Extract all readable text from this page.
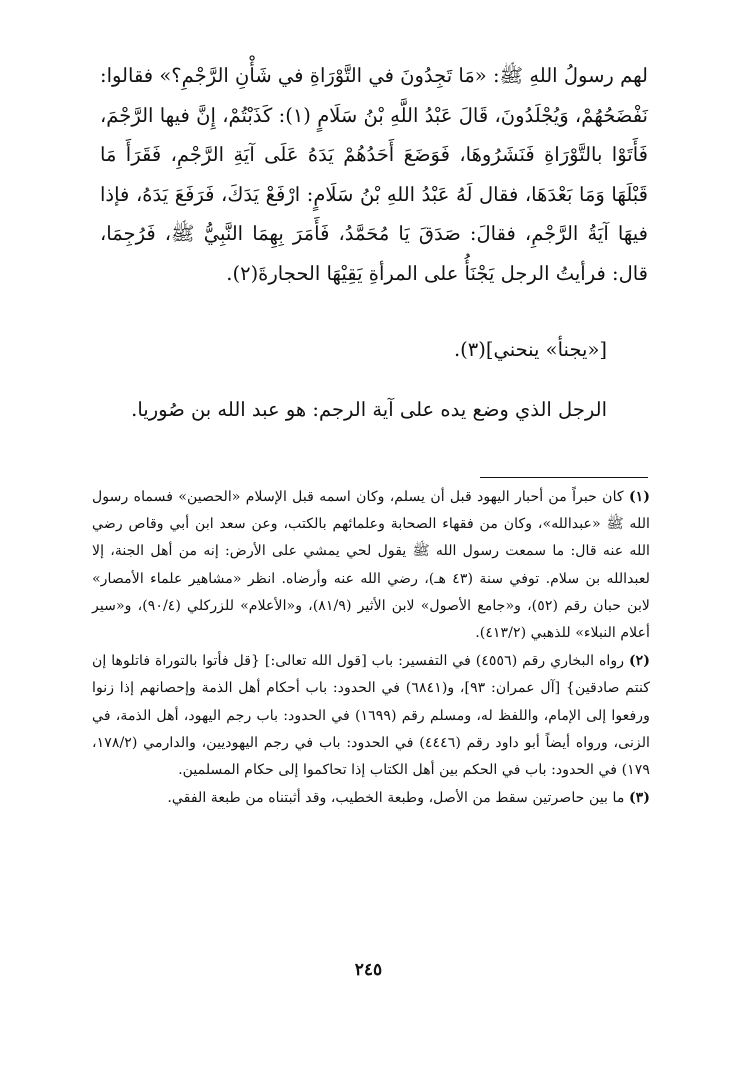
لهم رسولُ اللهِ ﷺ: «مَا تَجِدُونَ في التَّوْرَاةِ في شَأْنِ الرَّجْمِ؟» فقالوا: نَفْضَحُهُمْ، وَيُجْلَدُونَ، قَالَ عَبْدُ اللَّهِ بْنُ سَلَامٍ (١): كَذَبْتُمْ، إِنَّ فيها الرَّجْمَ، فَأَتَوْا بالتَّوْرَاةِ فَنَشَرُوهَا، فَوَضَعَ أَحَدُهُمْ يَدَهُ عَلَى آيَةِ الرَّجْمِ، فَقَرَأَ مَا قَبْلَهَا وَمَا بَعْدَهَا، فقال لَهُ عَبْدُ اللهِ بْنُ سَلَامٍ: ارْفَعْ يَدَكَ، فَرَفَعَ يَدَهُ، فإذا فيهَا آيَةُ الرَّجْمِ، فقالَ: صَدَقَ يَا مُحَمَّدُ، فَأَمَرَ بِهِمَا النَّبِيُّ ﷺ، فَرُجِمَا، قال: فرأيتُ الرجل يَجْنَأُ على المرأةِ يَقِيْهَا الحجارةَ(٢).

[«يجنأ» ينحني](٣).
الرجل الذي وضع يده على آية الرجم: هو عبد الله بن صُوريا.

(١) كان حبراً من أحبار اليهود قبل أن يسلم، وكان اسمه قبل الإسلام «الحصين» فسماه رسول الله ﷺ «عبدالله»، وكان من فقهاء الصحابة وعلمائهم بالكتب، وعن سعد ابن أبي وقاص رضي الله عنه قال: ما سمعت رسول الله ﷺ يقول لحي يمشي على الأرض: إنه من أهل الجنة، إلا لعبدالله بن سلام. توفي سنة (٤٣ هـ)، رضي الله عنه وأرضاه. انظر «مشاهير علماء الأمصار» لابن حبان رقم (٥٢)، و«جامع الأصول» لابن الأثير (٨١/٩)، و«الأعلام» للزركلي (٩٠/٤)، و«سير أعلام النبلاء» للذهبي (٤١٣/٢).

(٢) رواه البخاري رقم (٤٥٥٦) في التفسير: باب [قول الله تعالى:] {قل فأتوا بالتوراة فاتلوها إن كنتم صادقين} [آل عمران: ٩٣]، و(٦٨٤١) في الحدود: باب أحكام أهل الذمة وإحصانهم إذا زنوا ورفعوا إلى الإمام، واللفظ له، ومسلم رقم (١٦٩٩) في الحدود: باب رجم اليهود، أهل الذمة، في الزنى، ورواه أيضاً أبو داود رقم (٤٤٤٦) في الحدود: باب في رجم اليهوديين، والدارمي (١٧٨/٢، ١٧٩) في الحدود: باب في الحكم بين أهل الكتاب إذا تحاكموا إلى حكام المسلمين.

(٣) ما بين حاصرتين سقط من الأصل، وطبعة الخطيب، وقد أثبتناه من طبعة الفقي.

٢٤٥
